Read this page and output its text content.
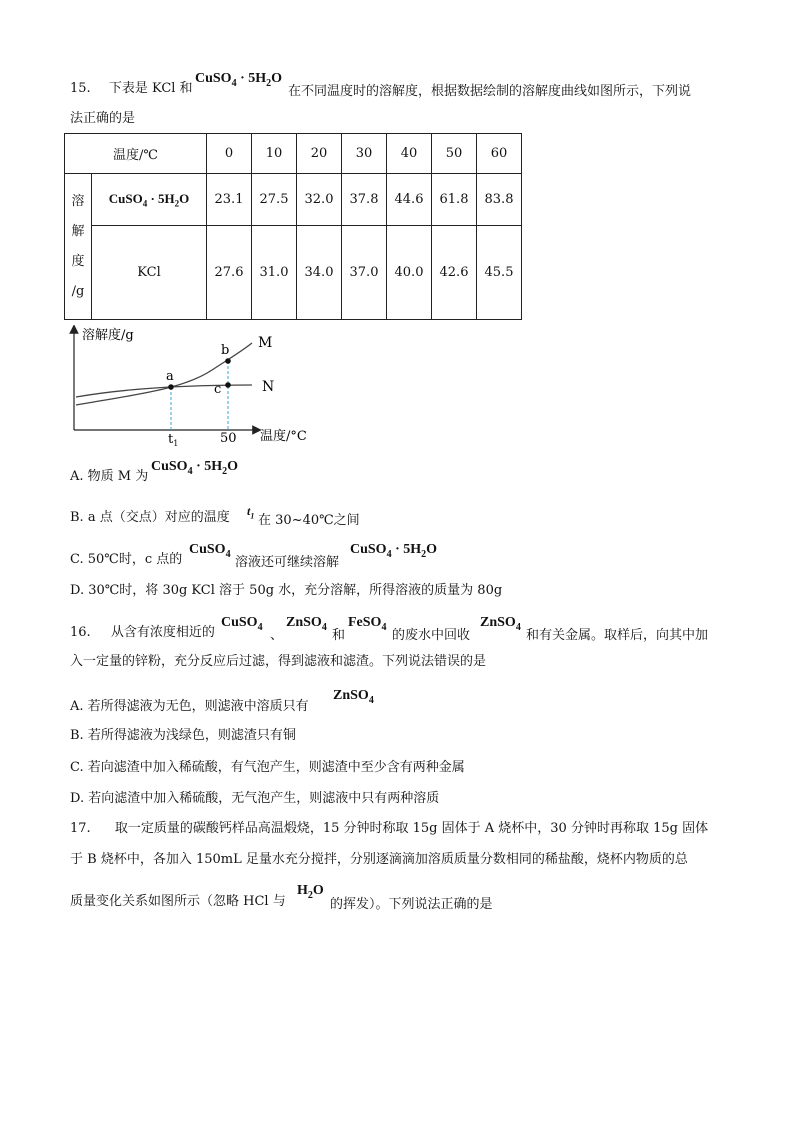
15. 下表是 KCl 和
CuSO$_4$ · $5H_2O$
在不同温度时的溶解度，根据数据绘制的溶解度曲线如图所示，下列说
法正确的是
温度/℃		0	10	20	30	40	50	60
溶
解
度
/g	CuSO$_4$ · $5H_2O$	23.1	27.5	32.0	37.8	44.6	61.8	83.8
	KCl	27.6	31.0	34.0	37.0	40.0	42.6	45.5
溶解度/g
温度/°C
M
N
a
b
c
$t_1$	50
A. 物质 M 为
CuSO$_4$ · $5H_2O$
B. a 点（交点）对应的温度 $t_1$ 在 30~40℃之间
C. 50℃时，c 点的
CuSO$_4$
溶液还可继续溶解
CuSO$_4$ · $5H_2O$
D. 30℃时，将 30g KCl 溶于 50g 水，充分溶解，所得溶液的质量为 80g
16. 从含有浓度相近的
CuSO$_4$
、
ZnSO$_4$
和
FeSO$_4$
的废水中回收
ZnSO$_4$
和有关金属。取样后，向其中加
入一定量的锌粉，充分反应后过滤，得到滤液和滤渣。下列说法错误的是
A. 若所得滤液为无色，则滤液中溶质只有
ZnSO$_4$
B. 若所得滤液为浅绿色，则滤渣只有铜
C. 若向滤渣中加入稀硫酸，有气泡产生，则滤渣中至少含有两种金属
D. 若向滤渣中加入稀硫酸，无气泡产生，则滤液中只有两种溶质
17. 取一定质量的碳酸钙样品高温煅烧，15 分钟时称取 15g 固体于 A 烧杯中，30 分钟时再称取 15g 固体
于 B 烧杯中，各加入 150mL 足量水充分搅拌，分别逐滴滴加溶质质量分数相同的稀盐酸，烧杯内物质的总
质量变化关系如图所示（忽略 HCl 与
$H_2O$
的挥发）。下列说法正确的是
